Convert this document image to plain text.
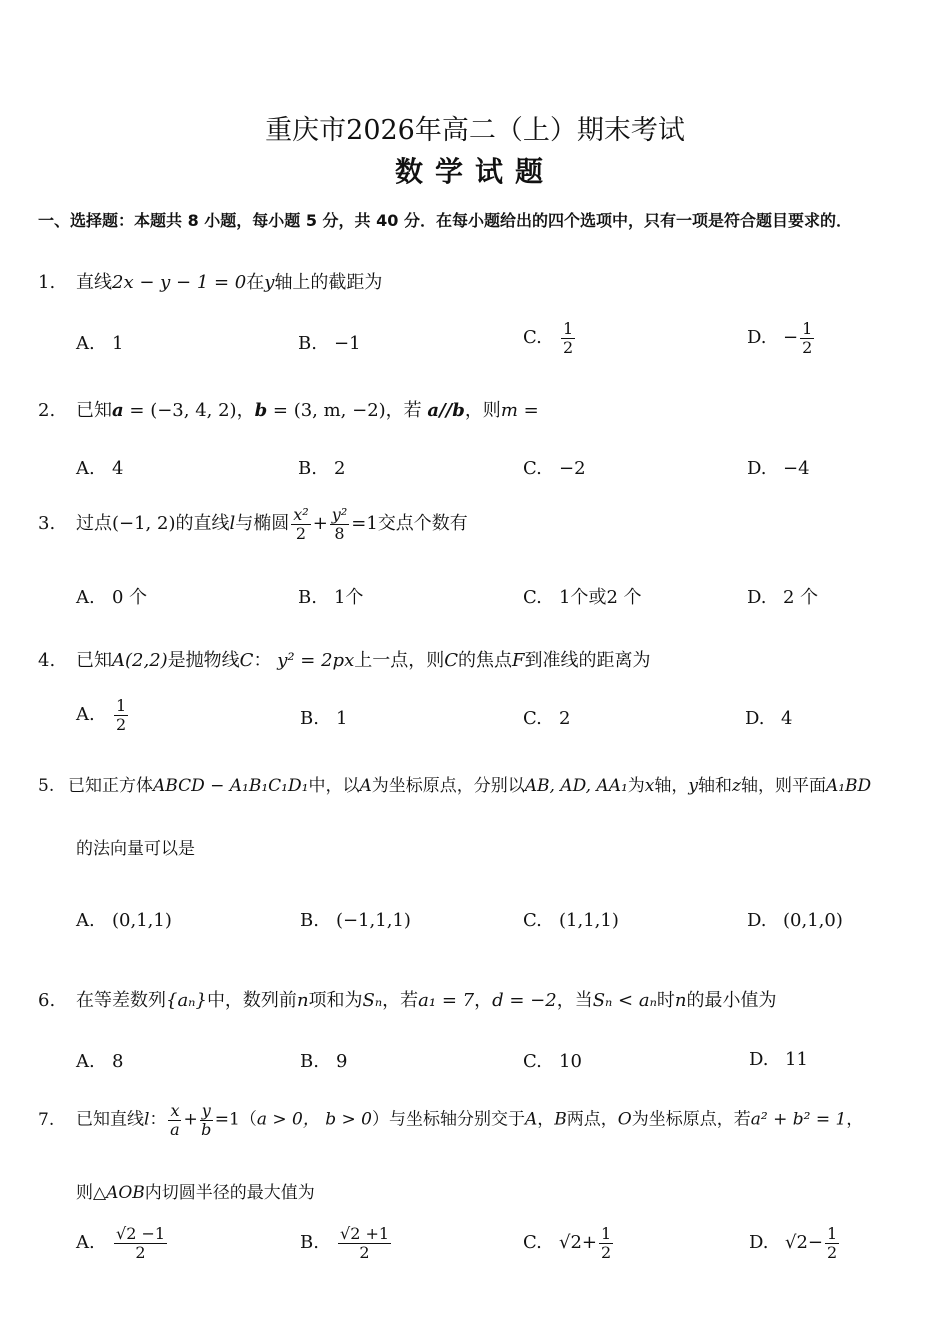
重庆市2026年高二（上）期末考试
数学试题
一、选择题：本题共 8 小题，每小题 5 分，共 40 分．在每小题给出的四个选项中，只有一项是符合题目要求的．
1. 直线2x − y − 1 = 0在y轴上的截距为
A. 1	B. −1	C. $\frac{1}{2}$	D. − $\frac{1}{2}$
2. 已知a = (−3, 4, 2)，b = (3, m, −2)，若 a//b，则m =
A. 4	B. 2	C. −2	D. −4
3. 过点(−1, 2)的直线l与椭圆 $\frac{\text{x²}}{2} + \frac{\text{y²}}{8} =1$交点个数有
A. 0 个	B. 1个	C. 1个或2 个	D. 2 个
4. 已知A(2,2)是抛物线C： y² = 2px上一点，则C的焦点F到准线的距离为
A. $\frac{1}{2}$	B. 1	C. 2	D. 4
5. 已知正方体ABCD − A₁B₁C₁D₁中，以A为坐标原点，分别以AB, AD, AA₁为x轴，y轴和z轴，则平面A₁BD
的法向量可以是
A. (0,1,1)	B. (−1,1,1)	C. (1,1,1)	D. (0,1,0)
6. 在等差数列{aₙ}中，数列前n项和为Sₙ，若a₁ = 7，d = −2，当Sₙ < aₙ时n的最小值为
A. 8	B. 9	C. 10	D. 11
7. 已知直线l： $\frac{x}{a} + \frac{y}{b} =1(a > 0$， b > 0）与坐标轴分别交于A，B两点，O为坐标原点，若a² + b² = 1，
则△AOB内切圆半径的最大值为
A. $\frac{√2 -1}{2}$	B. $\frac{√2 +1}{2}$	C. $√2+ \frac{1}{2}$	D. $√2- \frac{1}{2}$
